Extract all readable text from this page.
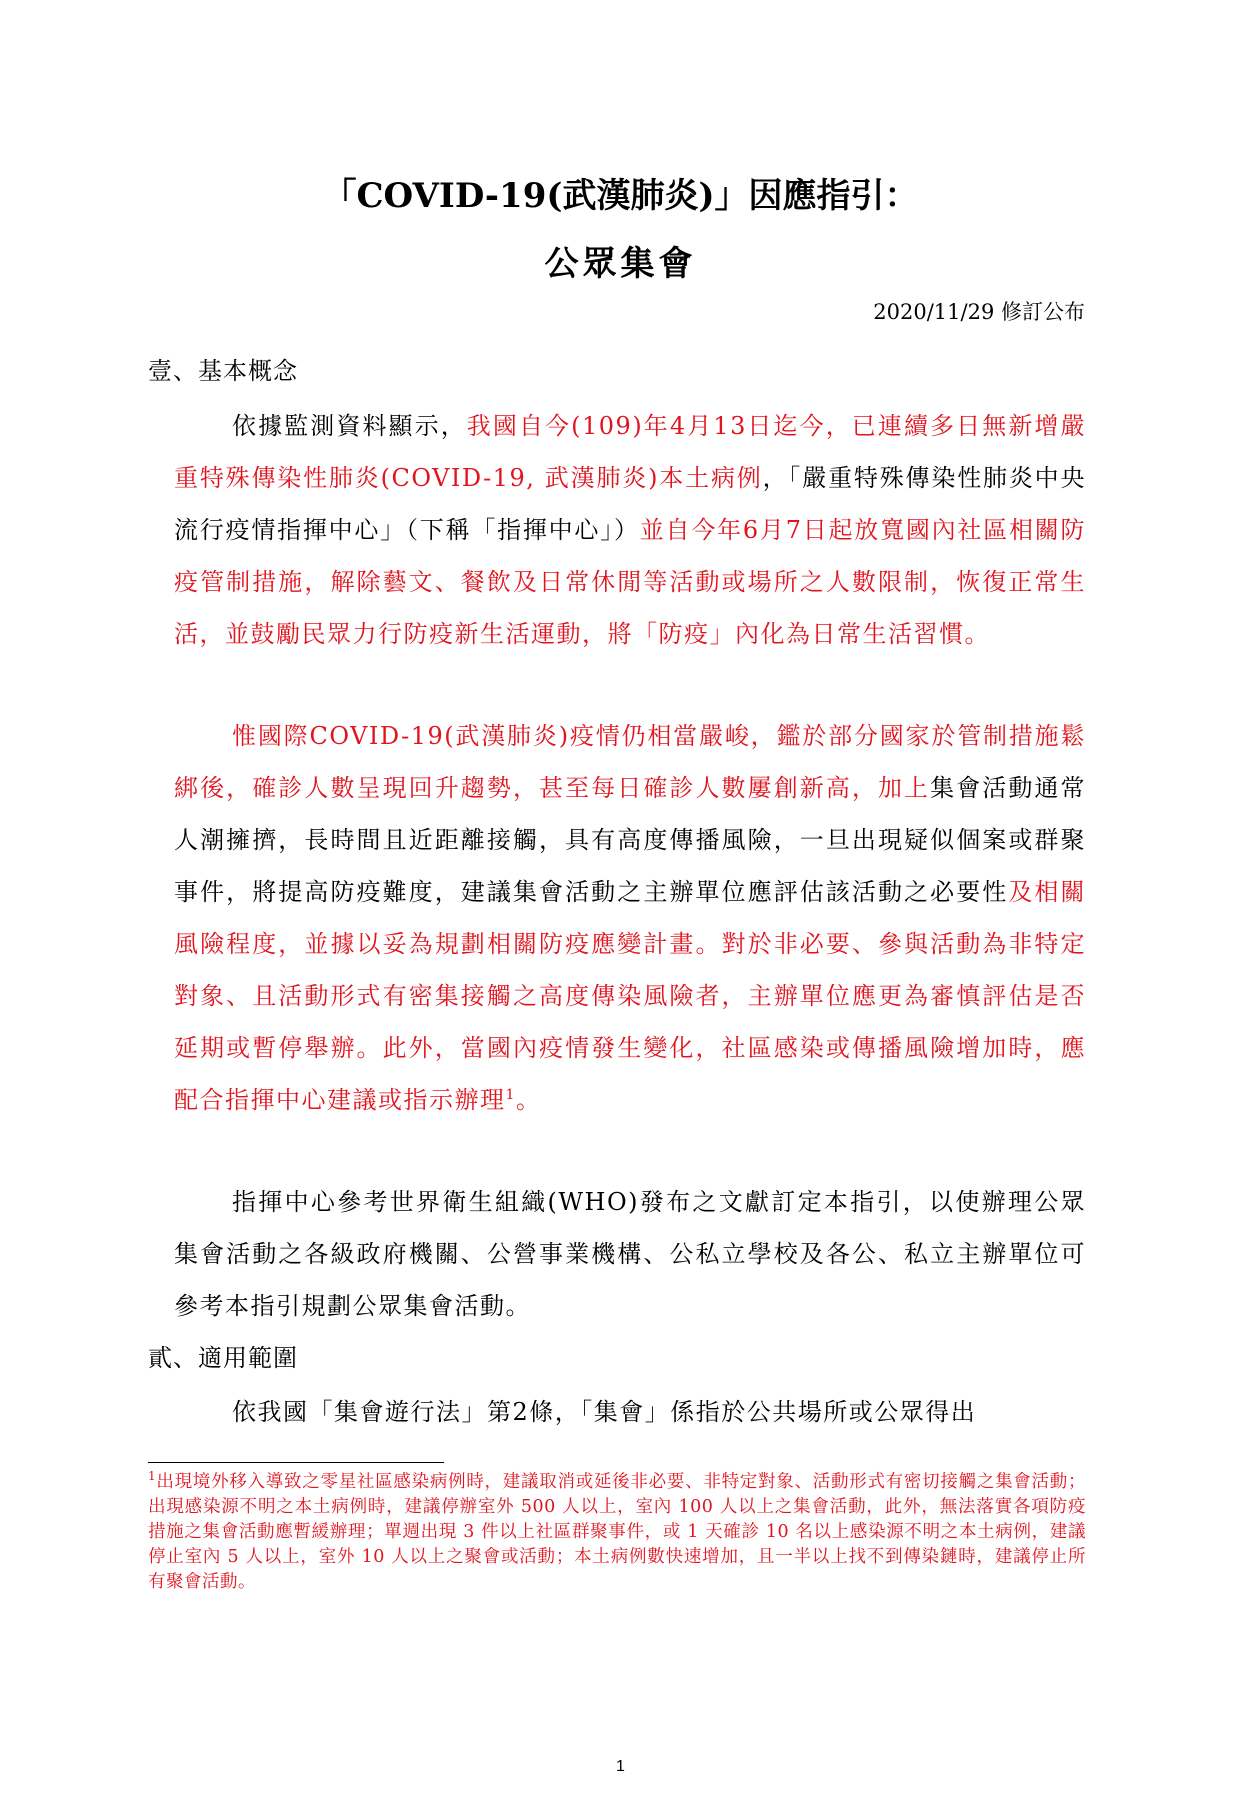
「COVID-19(武漢肺炎)」因應指引：
公眾集會
2020/11/29 修訂公布
壹、基本概念

依據監測資料顯示，我國自今(109)年4月13日迄今，已連續多日無新增嚴重特殊傳染性肺炎(COVID-19, 武漢肺炎)本土病例，「嚴重特殊傳染性肺炎中央流行疫情指揮中心」（下稱「指揮中心」）並自今年6月7日起放寬國內社區相關防疫管制措施，解除藝文、餐飲及日常休閒等活動或場所之人數限制，恢復正常生活，並鼓勵民眾力行防疫新生活運動，將「防疫」內化為日常生活習慣。

惟國際COVID-19(武漢肺炎)疫情仍相當嚴峻，鑑於部分國家於管制措施鬆綁後，確診人數呈現回升趨勢，甚至每日確診人數屢創新高，加上集會活動通常人潮擁擠，長時間且近距離接觸，具有高度傳播風險，一旦出現疑似個案或群聚事件，將提高防疫難度，建議集會活動之主辦單位應評估該活動之必要性及相關風險程度，並據以妥為規劃相關防疫應變計畫。對於非必要、參與活動為非特定對象、且活動形式有密集接觸之高度傳染風險者，主辦單位應更為審慎評估是否延期或暫停舉辦。此外，當國內疫情發生變化，社區感染或傳播風險增加時，應配合指揮中心建議或指示辦理$^1$。

指揮中心參考世界衛生組織(WHO)發布之文獻訂定本指引，以使辦理公眾集會活動之各級政府機關、公營事業機構、公私立學校及各公、私立主辦單位可參考本指引規劃公眾集會活動。

貳、適用範圍

依我國「集會遊行法」第2條，「集會」係指於公共場所或公眾得出

$^1$出現境外移入導致之零星社區感染病例時，建議取消或延後非必要、非特定對象、活動形式有密切接觸之集會活動；出現感染源不明之本土病例時，建議停辦室外 500 人以上，室內 100 人以上之集會活動，此外，無法落實各項防疫措施之集會活動應暫緩辦理；單週出現 3 件以上社區群聚事件，或 1 天確診 10 名以上感染源不明之本土病例，建議停止室內 5 人以上，室外 10 人以上之聚會或活動；本土病例數快速增加，且一半以上找不到傳染鏈時，建議停止所有聚會活動。

1
